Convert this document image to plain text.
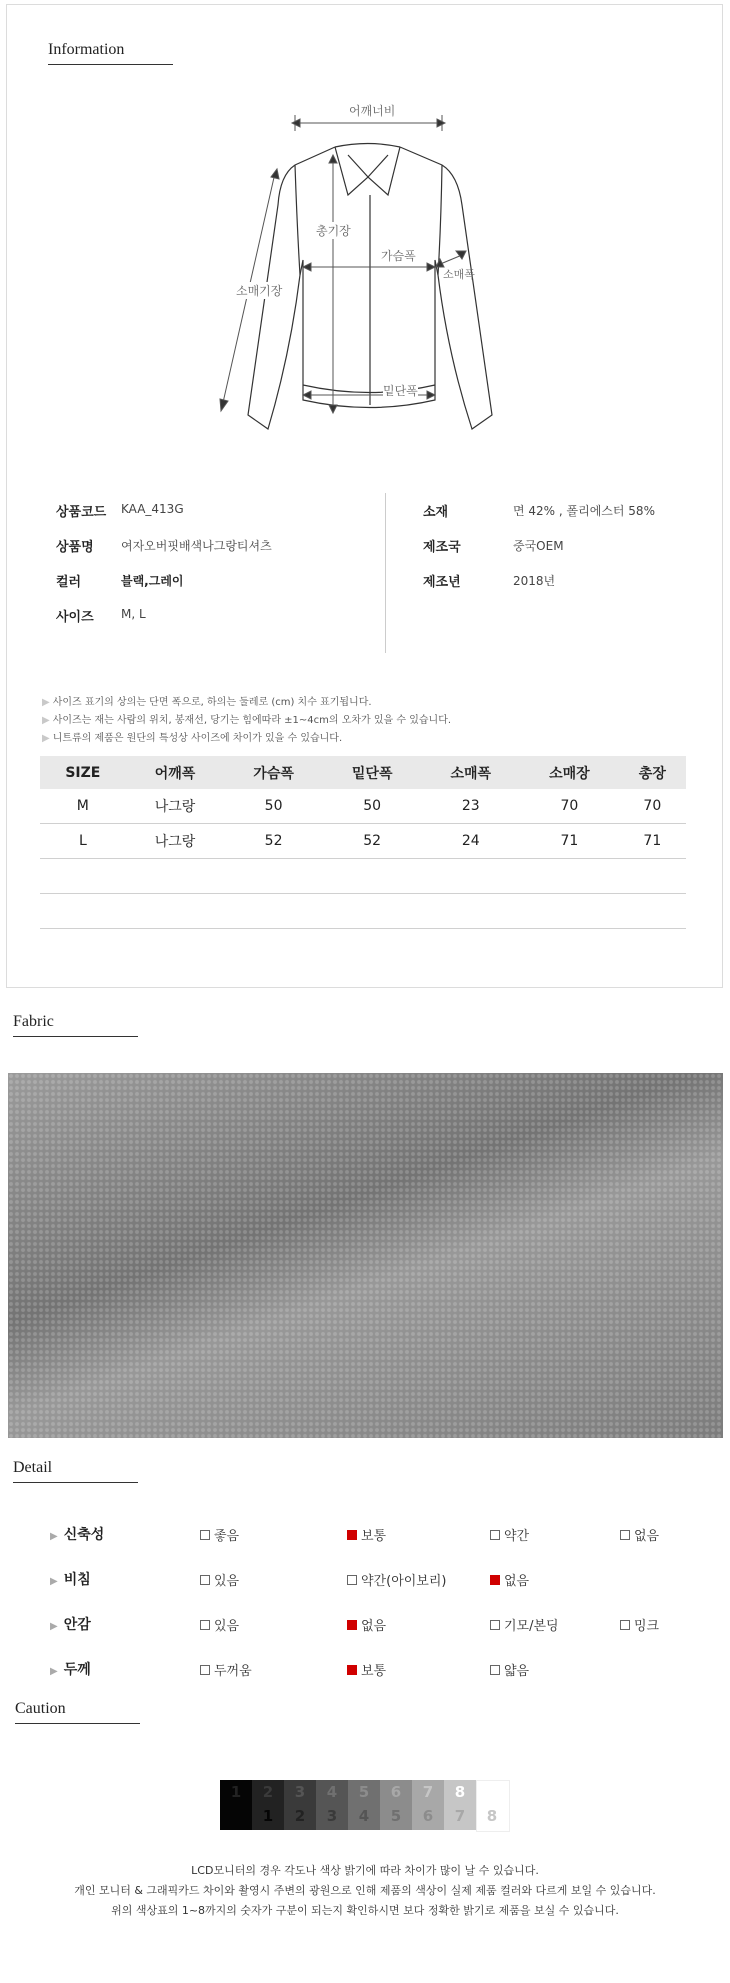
Information
어깨너비
총기장
가슴폭
소매폭
소매기장
밑단폭
상품코드 KAA_413G
상품명 여자오버핏배색나그랑티셔츠
컬러	블랙,그레이
사이즈 M, L
소재	면 42% , 폴리에스터 58%
제조국	중국OEM
제조년	2018년
▶ 사이즈 표기의 상의는 단면 폭으로, 하의는 둘레로 (cm) 치수 표기됩니다.
▶ 사이즈는 재는 사람의 위치, 봉재선, 당기는 힘에따라 ±1~4cm의 오차가 있을 수 있습니다.
▶ 니트류의 제품은 원단의 특성상 사이즈에 차이가 있을 수 있습니다.
SIZE	어깨폭	가슴폭	밑단폭	소매폭	소매장	총장
M	나그랑	50	50	23	70	70
L	나그랑	52	52	24	71	71

Fabric
Detail
▶ 신축성	좋음	보통	약간	없음
▶ 비침	있음	약간(아이보리)	없음
▶ 안감	있음	없음	기모/본딩	밍크
▶ 두께	두꺼움	보통	얇음
Caution
1	2	3	4	5	6	7	8
1	2	3	4	5	6	7	8
LCD모니터의 경우 각도나 색상 밝기에 따라 차이가 많이 날 수 있습니다.
개인 모니터 & 그래픽카드 차이와 촬영시 주변의 광원으로 인해 제품의 색상이 실제 제품 컬러와 다르게 보일 수 있습니다.
위의 색상표의 1~8까지의 숫자가 구분이 되는지 확인하시면 보다 정확한 밝기로 제품을 보실 수 있습니다.
